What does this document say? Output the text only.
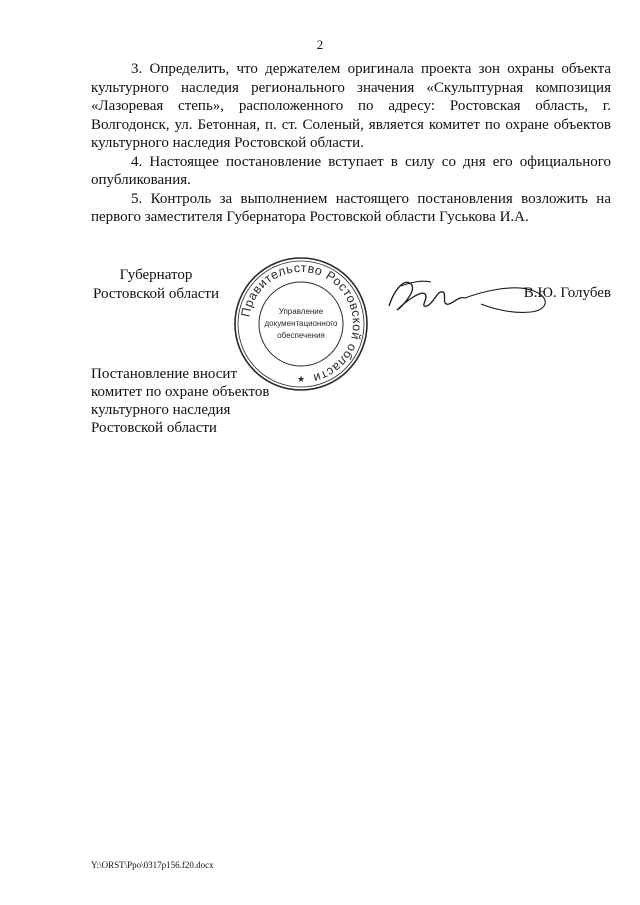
2

3. Определить, что держателем оригинала проекта зон охраны объекта культурного наследия регионального значения «Скульптурная композиция «Лазоревая степь», расположенного по адресу: Ростовская область, г. Волгодонск, ул. Бетонная, п. ст. Соленый, является комитет по охране объектов культурного наследия Ростовской области.

4. Настоящее постановление вступает в силу со дня его официального опубликования.

5. Контроль за выполнением настоящего постановления возложить на первого заместителя Губернатора Ростовской области Гуськова И.А.

Губернатор
Ростовской области
Правительство Ростовской области
Управление
документационного
обеспечения
★
В.Ю. Голубев
Постановление вносит
комитет по охране объектов
культурного наследия
Ростовской области
Y:\ORST\Ppo\0317p156.f20.docx
